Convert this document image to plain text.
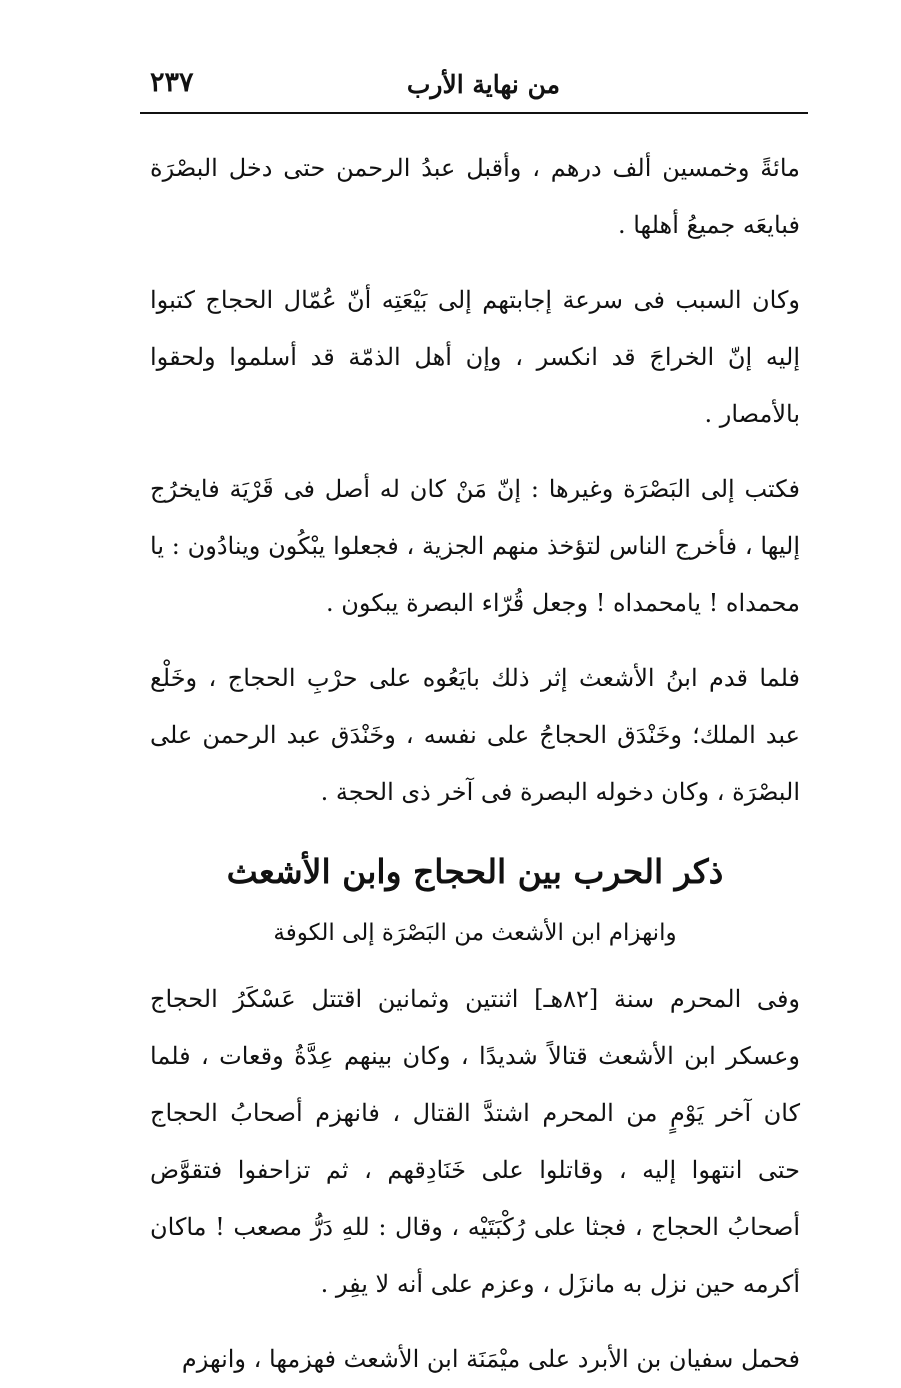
من نهاية الأرب
٢٣٧

مائةً وخمسين ألف درهم ، وأقبل عبدُ الرحمن حتى دخل البصْرَة فبايعَه جميعُ أهلها .

وكان السبب فى سرعة إجابتهم إلى بَيْعَتِه أنّ عُمّال الحجاج كتبوا إليه إنّ الخراجَ قد انكسر ، وإن أهل الذمّة قد أسلموا ولحقوا بالأمصار .

فكتب إلى البَصْرَة وغيرها : إنّ مَنْ كان له أصل فى قَرْيَة فايخرُج إليها ، فأخرج الناس لتؤخذ منهم الجزية ، فجعلوا يبْكُون وينادُون : يا محمداه ! يامحمداه ! وجعل قُرّاء البصرة يبكون .

فلما قدم ابنُ الأشعث إثر ذلك بايَعُوه على حرْبِ الحجاج ، وخَلْع عبد الملك؛ وخَنْدَق الحجاجُ على نفسه ، وخَنْدَق عبد الرحمن على البصْرَة ، وكان دخوله البصرة فى آخر ذى الحجة .

ذكر الحرب بين الحجاج وابن الأشعث
وانهزام ابن الأشعث من البَصْرَة إلى الكوفة

وفى المحرم سنة [٨٢هـ] اثنتين وثمانين اقتتل عَسْكَرُ الحجاج وعسكر ابن الأشعث قتالاً شديدًا ، وكان بينهم عِدَّةُ وقعات ، فلما كان آخر يَوْمٍ من المحرم اشتدَّ القتال ، فانهزم أصحابُ الحجاج حتى انتهوا إليه ، وقاتلوا على خَنَادِقهم ، ثم تزاحفوا فتقوَّض أصحابُ الحجاج ، فجثا على رُكْبَتَيْه ، وقال : للهِ دَرُّ مصعب ! ماكان أكرمه حين نزل به مانزَل ، وعزم على أنه لا يفِر .

فحمل سفيان بن الأبرد على ميْمَنَة ابن الأشعث فهزمها ، وانهزم
